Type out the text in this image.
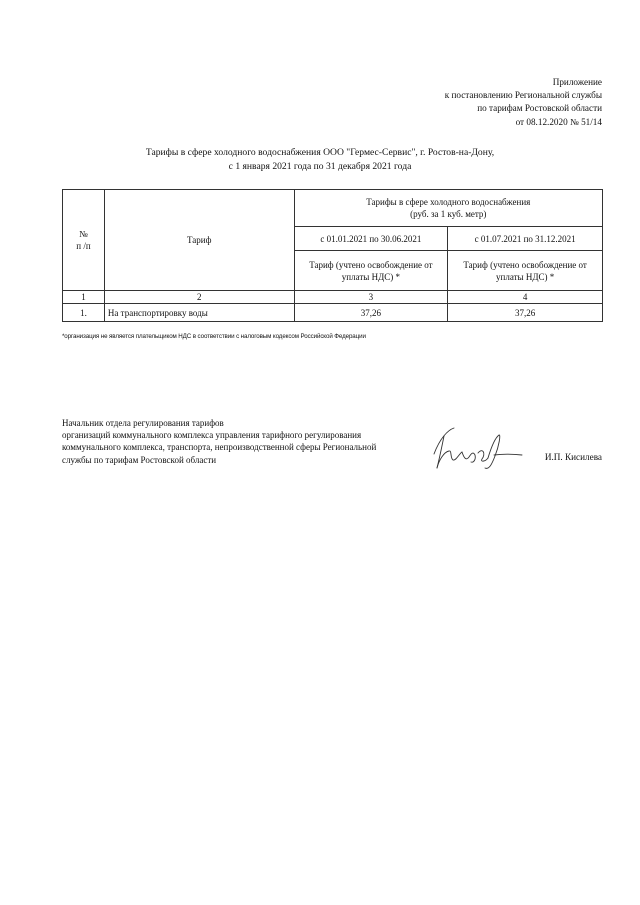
Приложение
к постановлению Региональной службы
по тарифам Ростовской области
от 08.12.2020 № 51/14
Тарифы в сфере холодного водоснабжения ООО "Гермес-Сервис", г. Ростов-на-Дону,
с 1 января 2021 года по 31 декабря 2021 года
№
п /п	Тариф	Тарифы в сфере холодного водоснабжения
(руб. за 1 куб. метр)	
		с 01.01.2021 по 30.06.2021	с 01.07.2021 по 31.12.2021
		Тариф (учтено освобождение от уплаты НДС) *	Тариф (учтено освобождение от уплаты НДС) *
1	2	3	4
1.	На транспортировку воды	37,26	37,26
*организация не является плательщиком НДС в соответствии с налоговым кодексом Российской Федерации
Начальник отдела регулирования тарифов
организаций коммунального комплекса управления тарифного регулирования
коммунального комплекса, транспорта, непроизводственной сферы Региональной
службы по тарифам Ростовской области	И.П. Кисилева
